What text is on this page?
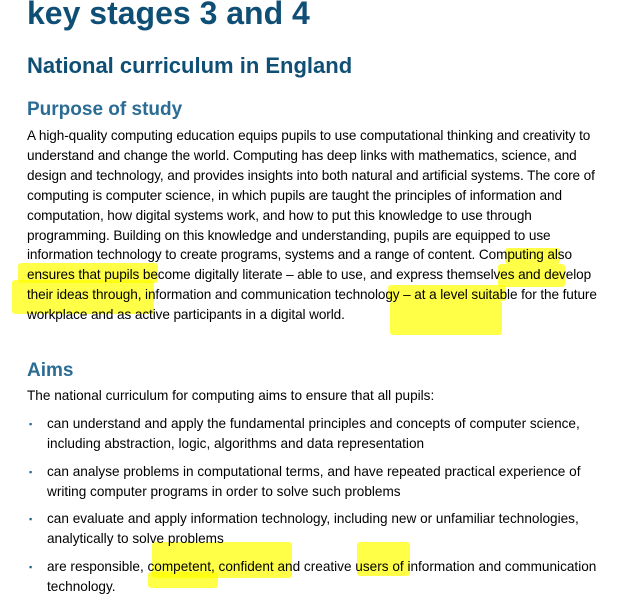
key stages 3 and 4
National curriculum in England
Purpose of study

A high-quality computing education equips pupils to use computational thinking and creativity to understand and change the world. Computing has deep links with mathematics, science, and design and technology, and provides insights into both natural and artificial systems. The core of computing is computer science, in which pupils are taught the principles of information and computation, how digital systems work, and how to put this knowledge to use through programming. Building on this knowledge and understanding, pupils are equipped to use information technology to create programs, systems and a range of content. Computing also ensures that pupils become digitally literate – able to use, and express themselves and develop their ideas through, information and communication technology – at a level suitable for the future workplace and as active participants in a digital world.

Aims

The national curriculum for computing aims to ensure that all pupils:

▪ can understand and apply the fundamental principles and concepts of computer science, including abstraction, logic, algorithms and data representation
▪ can analyse problems in computational terms, and have repeated practical experience of writing computer programs in order to solve such problems
▪ can evaluate and apply information technology, including new or unfamiliar technologies, analytically to solve problems
▪ are responsible, competent, confident and creative users of information and communication technology.
